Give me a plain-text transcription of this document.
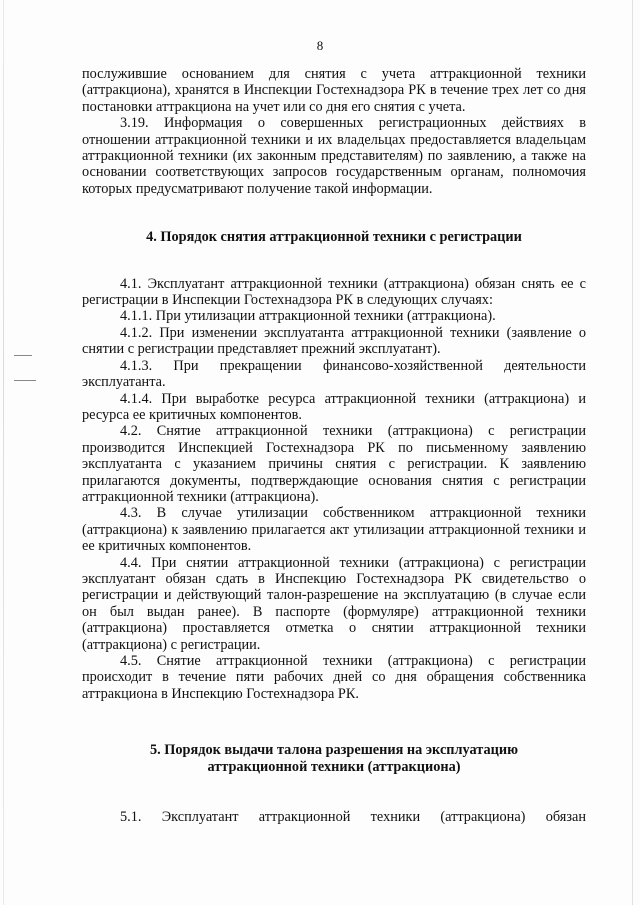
8

послужившие основанием для снятия с учета аттракционной техники (аттракциона), хранятся в Инспекции Гостехнадзора РК в течение трех лет со дня постановки аттракциона на учет или со дня его снятия с учета.

3.19. Информация о совершенных регистрационных действиях в отношении аттракционной техники и их владельцах предоставляется владельцам аттракционной техники (их законным представителям) по заявлению, а также на основании соответствующих запросов государственным органам, полномочия которых предусматривают получение такой информации.

4. Порядок снятия аттракционной техники с регистрации

4.1. Эксплуатант аттракционной техники (аттракциона) обязан снять ее с регистрации в Инспекции Гостехнадзора РК в следующих случаях:

4.1.1. При утилизации аттракционной техники (аттракциона).

4.1.2. При изменении эксплуатанта аттракционной техники (заявление о снятии с регистрации представляет прежний эксплуатант).

4.1.3. При прекращении финансово-хозяйственной деятельности эксплуатанта.

4.1.4. При выработке ресурса аттракционной техники (аттракциона) и ресурса ее критичных компонентов.

4.2. Снятие аттракционной техники (аттракциона) с регистрации производится Инспекцией Гостехнадзора РК по письменному заявлению эксплуатанта с указанием причины снятия с регистрации. К заявлению прилагаются документы, подтверждающие основания снятия с регистрации аттракционной техники (аттракциона).

4.3. В случае утилизации собственником аттракционной техники (аттракциона) к заявлению прилагается акт утилизации аттракционной техники и ее критичных компонентов.

4.4. При снятии аттракционной техники (аттракциона) с регистрации эксплуатант обязан сдать в Инспекцию Гостехнадзора РК свидетельство о регистрации и действующий талон-разрешение на эксплуатацию (в случае если он был выдан ранее). В паспорте (формуляре) аттракционной техники (аттракциона) проставляется отметка о снятии аттракционной техники (аттракциона) с регистрации.

4.5. Снятие аттракционной техники (аттракциона) с регистрации происходит в течение пяти рабочих дней со дня обращения собственника аттракциона в Инспекцию Гостехнадзора РК.

5. Порядок выдачи талона разрешения на эксплуатацию
аттракционной техники (аттракциона)

5.1. Эксплуатант аттракционной техники (аттракциона) обязан
